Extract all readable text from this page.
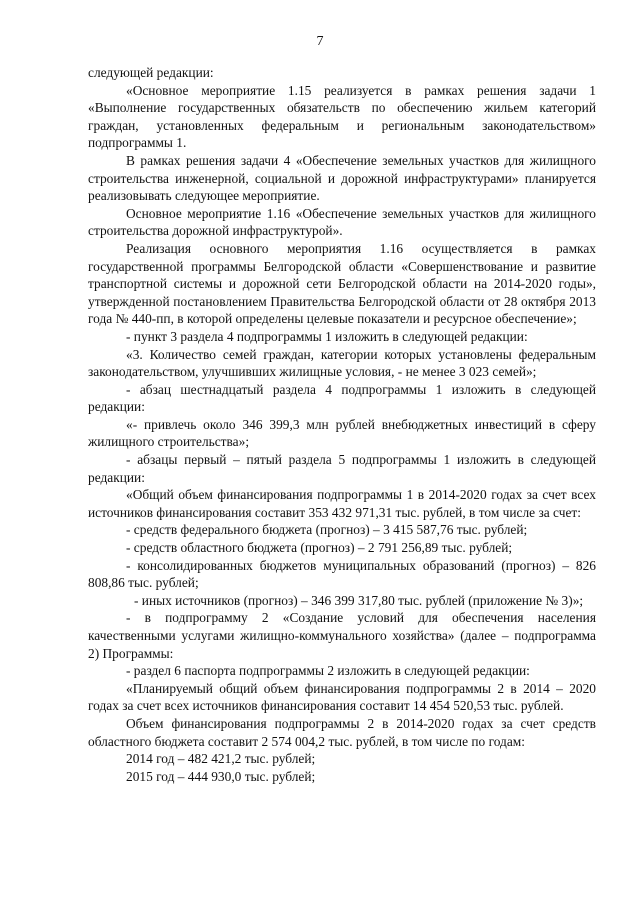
7

следующей редакции:

«Основное мероприятие 1.15 реализуется в рамках решения задачи 1 «Выполнение государственных обязательств по обеспечению жильем категорий граждан, установленных федеральным и региональным законодательством» подпрограммы 1.

В рамках решения задачи 4 «Обеспечение земельных участков для жилищного строительства инженерной, социальной и дорожной инфраструктурами» планируется реализовывать следующее мероприятие.

Основное мероприятие 1.16 «Обеспечение земельных участков для жилищного строительства дорожной инфраструктурой».

Реализация основного мероприятия 1.16 осуществляется в рамках государственной программы Белгородской области «Совершенствование и развитие транспортной системы и дорожной сети Белгородской области на 2014-2020 годы», утвержденной постановлением Правительства Белгородской области от 28 октября 2013 года № 440-пп, в которой определены целевые показатели и ресурсное обеспечение»;

- пункт 3 раздела 4 подпрограммы 1 изложить в следующей редакции:

«3. Количество семей граждан, категории которых установлены федеральным законодательством, улучшивших жилищные условия, - не менее 3 023 семей»;

- абзац шестнадцатый раздела 4 подпрограммы 1 изложить в следующей редакции:

«- привлечь около 346 399,3 млн рублей внебюджетных инвестиций в сферу жилищного строительства»;

- абзацы первый – пятый раздела 5 подпрограммы 1 изложить в следующей редакции:

«Общий объем финансирования подпрограммы 1 в 2014-2020 годах за счет всех источников финансирования составит 353 432 971,31 тыс. рублей, в том числе за счет:

- средств федерального бюджета (прогноз) – 3 415 587,76 тыс. рублей;

- средств областного бюджета (прогноз) – 2 791 256,89 тыс. рублей;

- консолидированных бюджетов муниципальных образований (прогноз) – 826 808,86 тыс. рублей;

- иных источников (прогноз) – 346 399 317,80 тыс. рублей (приложение № 3)»;

- в подпрограмму 2 «Создание условий для обеспечения населения качественными услугами жилищно-коммунального хозяйства» (далее – подпрограмма 2) Программы:

- раздел 6 паспорта подпрограммы 2 изложить в следующей редакции:

«Планируемый общий объем финансирования подпрограммы 2 в 2014 – 2020 годах за счет всех источников финансирования составит 14 454 520,53 тыс. рублей.

Объем финансирования подпрограммы 2 в 2014-2020 годах за счет средств областного бюджета составит 2 574 004,2 тыс. рублей, в том числе по годам:

2014 год – 482 421,2 тыс. рублей;

2015 год – 444 930,0 тыс. рублей;
